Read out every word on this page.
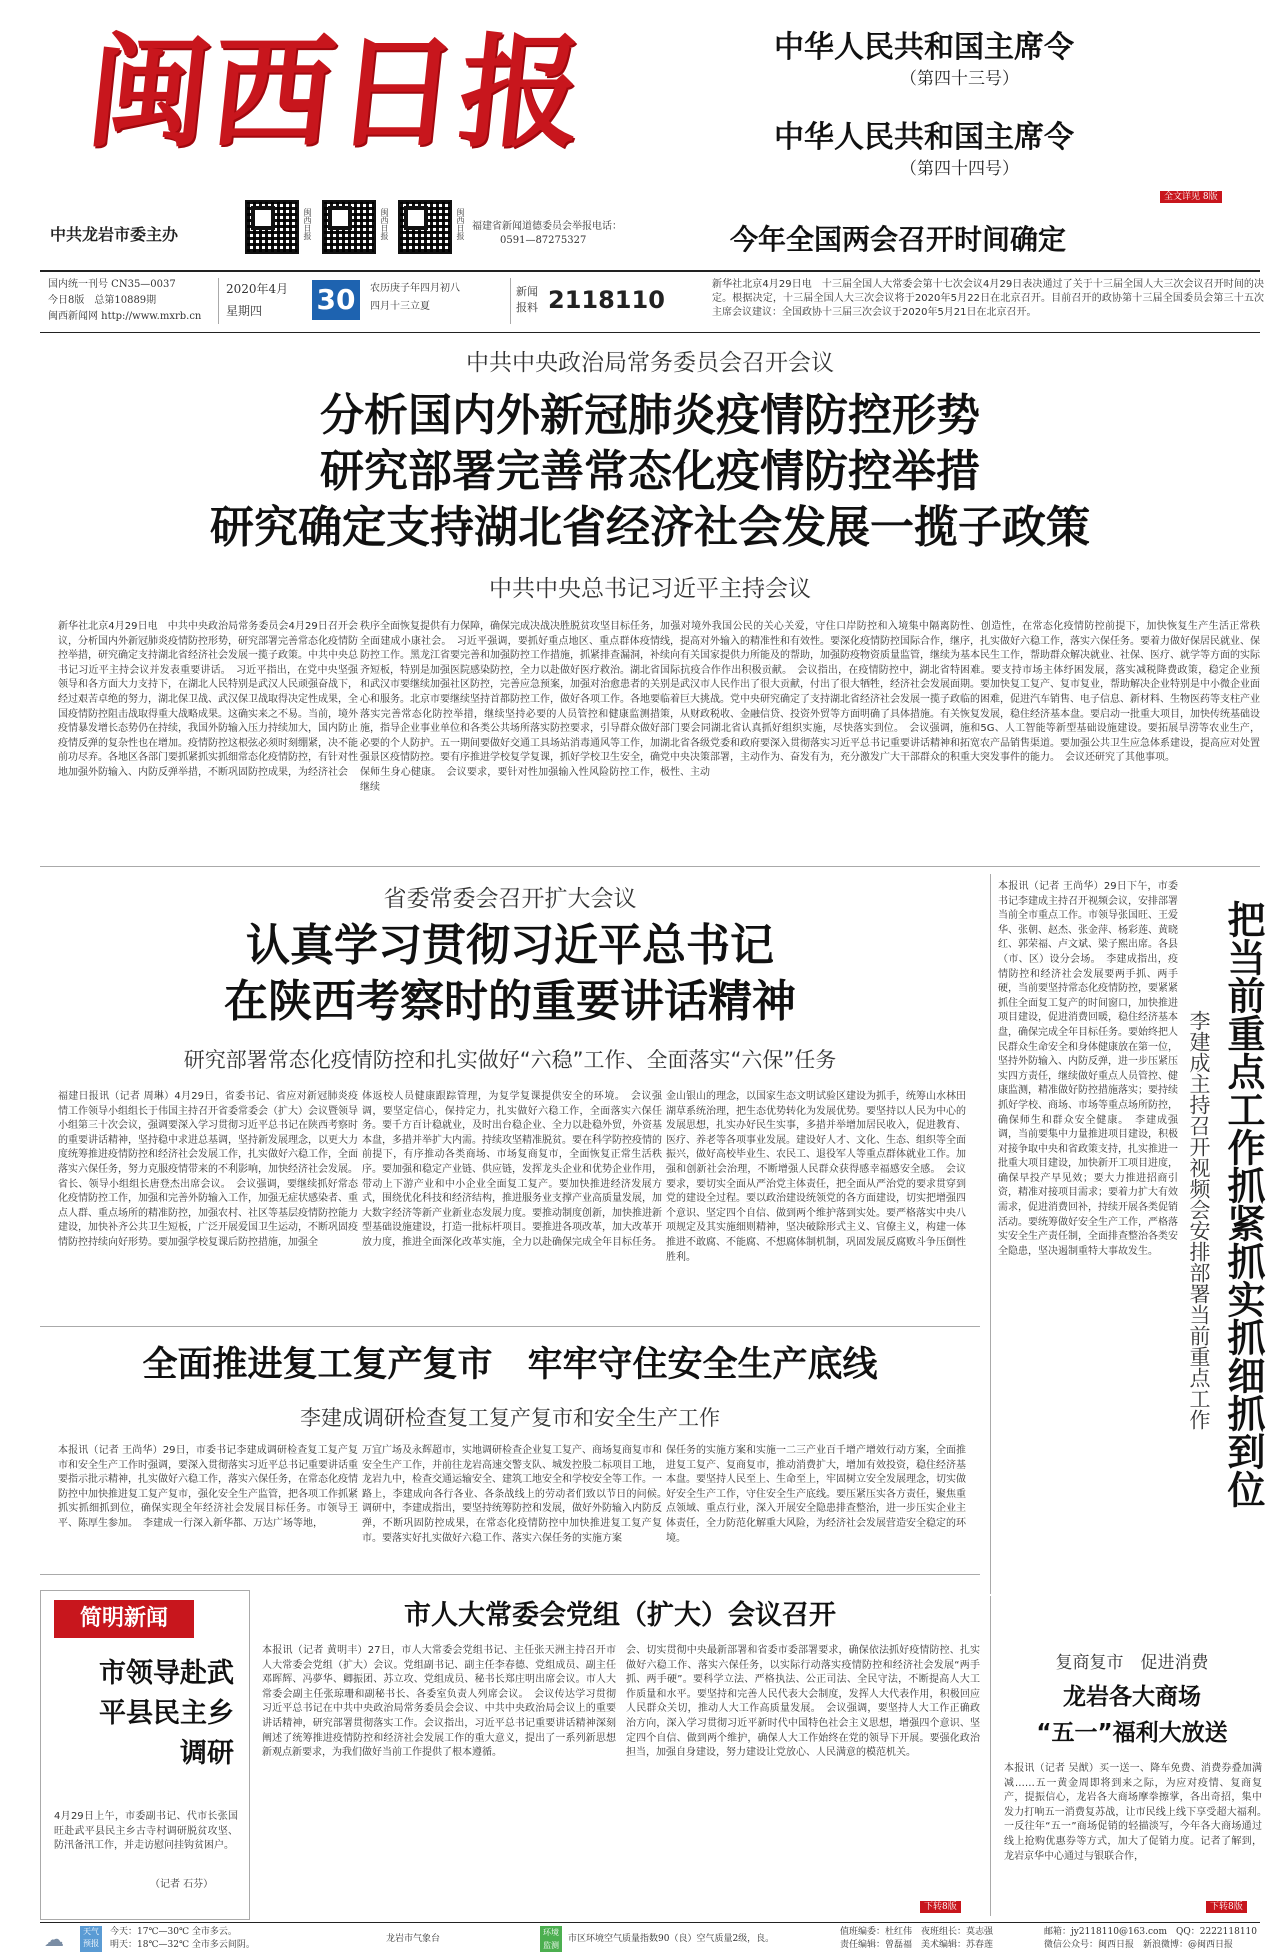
闽西日报
中共龙岩市委主办	闽西日报	闽西日报	闽西日报 福建省新闻道德委员会举报电话：
0591—87275327
中华人民共和国主席令
（第四十三号）
中华人民共和国主席令
（第四十四号）
全文详见 8版
今年全国两会召开时间确定
国内统一刊号 CN35—0037
今日8版　总第10889期
闽西新闻网 http://www.mxrb.cn
2020年4月
星期四 30	农历庚子年四月初八
四月十三立夏
新闻报料 2118110
新华社北京4月29日电　十三届全国人大常委会第十七次会议4月29日表决通过了关于十三届全国人大三次会议召开时间的决定。根据决定，十三届全国人大三次会议将于2020年5月22日在北京召开。目前召开的政协第十三届全国委员会第三十五次主席会议建议：全国政协十三届三次会议于2020年5月21日在北京召开。
中共中央政治局常务委员会召开会议
分析国内外新冠肺炎疫情防控形势
研究部署完善常态化疫情防控举措
研究确定支持湖北省经济社会发展一揽子政策
中共中央总书记习近平主持会议
新华社北京4月29日电　中共中央政治局常务委员会4月29日召开会议，分析国内外新冠肺炎疫情防控形势，研究部署完善常态化疫情防控举措，研究确定支持湖北省经济社会发展一揽子政策。中共中央总书记习近平主持会议并发表重要讲话。　习近平指出，在党中央坚强领导和各方面大力支持下，在湖北人民特别是武汉人民顽强奋战下，经过艰苦卓绝的努力，湖北保卫战、武汉保卫战取得决定性成果，全国疫情防控阻击战取得重大战略成果。这确实来之不易。当前，境外疫情暴发增长态势仍在持续，我国外防输入压力持续加大，国内防止疫情反弹的复杂性也在增加。疫情防控这根弦必须时刻绷紧，决不能前功尽弃。各地区各部门要抓紧抓实抓细常态化疫情防控，有针对性地加强外防输入、内防反弹举措，不断巩固防控成果，为经济社会
秩序全面恢复提供有力保障，确保完成决战决胜脱贫攻坚目标任务，全面建成小康社会。　习近平强调，要抓好重点地区、重点群体疫情防控工作。黑龙江省要完善和加强防控工作措施，抓紧排查漏洞，补齐短板，特别是加强医院感染防控，全力以赴做好医疗救治。湖北省和武汉市要继续加强社区防控，完善应急预案，加强对治愈患者的关心和服务。北京市要继续坚持首都防控工作，做好各项工作。各地要落实完善常态化防控举措，继续坚持必要的人员管控和健康监测措施，指导企业事业单位和各类公共场所落实防控要求，引导群众做好必要的个人防护。五一期间要做好交通工具场站消毒通风等工作，加强景区疫情防控。要有序推进学校复学复课，抓好学校卫生安全，确保师生身心健康。　会议要求，要针对性加强输入性风险防控工作，继续
加强对境外我国公民的关心关爱，守住口岸防控和入境集中隔离防线，提高对外输入的精准性和有效性。要深化疫情防控国际合作，继续向有关国家提供力所能及的帮助，加强防疫物资质量监管，继续为国际抗疫合作作出积极贡献。　会议指出，在疫情防控中，湖北省特别是武汉市人民作出了很大贡献，付出了很大牺牲，经济社会发展面临着巨大挑战。党中央研究确定了支持湖北省经济社会发展一揽子政策，从财政税收、金融信贷、投资外贸等方面明确了具体措施。有关部门要会同湖北省认真抓好组织实施，尽快落实到位。　会议强调，湖北省各级党委和政府要深入贯彻落实习近平总书记重要讲话精神和党中央决策部署，主动作为、奋发有为，充分激发广大干部群众的积极性、主动
性、创造性，在常态化疫情防控前提下，加快恢复生产生活正常秩序，扎实做好六稳工作，落实六保任务。要着力做好保居民就业、保基本民生工作，帮助群众解决就业、社保、医疗、就学等方面的实际困难。要支持市场主体纾困发展，落实减税降费政策，稳定企业预期。要加快复工复产、复市复业，帮助解决企业特别是中小微企业面临的困难，促进汽车销售、电子信息、新材料、生物医药等支柱产业恢复发展，稳住经济基本盘。要启动一批重大项目，加快传统基础设施和5G、人工智能等新型基础设施建设。要拓展旱涝等农业生产，拓宽农产品销售渠道。要加强公共卫生应急体系建设，提高应对处置重大突发事件的能力。　会议还研究了其他事项。
省委常委会召开扩大会议
认真学习贯彻习近平总书记
在陕西考察时的重要讲话精神
研究部署常态化疫情防控和扎实做好“六稳”工作、全面落实“六保”任务
福建日报讯（记者 周琳）4月29日，省委书记、省应对新冠肺炎疫情工作领导小组组长于伟国主持召开省委常委会（扩大）会议暨领导小组第三十次会议，强调要深入学习贯彻习近平总书记在陕西考察时的重要讲话精神，坚持稳中求进总基调，坚持新发展理念，以更大力度统筹推进疫情防控和经济社会发展工作，扎实做好六稳工作，全面落实六保任务，努力克服疫情带来的不利影响，加快经济社会发展。省长、领导小组组长唐登杰出席会议。　会议强调，要继续抓好常态化疫情防控工作，加强和完善外防输入工作，加强无症状感染者、重点人群、重点场所的精准防控，加强农村、社区等基层疫情防控能力建设，加快补齐公共卫生短板，广泛开展爱国卫生运动，不断巩固疫情防控持续向好形势。要加强学校复课后防控措施，加强全
体返校人员健康跟踪管理，为复学复课提供安全的环境。　会议强调，要坚定信心，保持定力，扎实做好六稳工作，全面落实六保任务。要千方百计稳就业，及时出台稳企业、全力以赴稳外贸，外资基本盘，多措并举扩大内需。持续攻坚精准脱贫。要在科学防控疫情的前提下，有序推动各类商场、市场复商复市，全面恢复正常生活秩序。要加强和稳定产业链、供应链，发挥龙头企业和优势企业作用，带动上下游产业和中小企业全面复工复产。要加快推进经济发展方式，围绕优化科技和经济结构，推进服务业支撑产业高质量发展，加大数字经济等新产业新业态发展力度。要推动制度创新，加快推进新型基础设施建设，打造一批标杆项目。要推进各项改革，加大改革开放力度，推进全面深化改革实施，全力以赴确保完成全年目标任务。
金山银山的理念，以国家生态文明试验区建设为抓手，统筹山水林田湖草系统治理，把生态优势转化为发展优势。要坚持以人民为中心的发展思想，扎实办好民生实事，多措并举增加居民收入，促进教育、医疗、养老等各项事业发展。建设好人才、文化、生态、组织等全面振兴，做好高校毕业生、农民工、退役军人等重点群体就业工作。加强和创新社会治理，不断增强人民群众获得感幸福感安全感。　会议要求，要切实全面从严治党主体责任，把全面从严治党的要求贯穿到党的建设全过程。要以政治建设统领党的各方面建设，切实把增强四个意识、坚定四个自信、做到两个维护落到实处。要严格落实中央八项规定及其实施细则精神，坚决破除形式主义、官僚主义，构建一体推进不敢腐、不能腐、不想腐体制机制，巩固发展反腐败斗争压倒性胜利。
全面推进复工复产复市　牢牢守住安全生产底线
李建成调研检查复工复产复市和安全生产工作
本报讯（记者 王尚华）29日，市委书记李建成调研检查复工复产复市和安全生产工作时强调，要深入贯彻落实习近平总书记重要讲话重要指示批示精神，扎实做好六稳工作，落实六保任务，在常态化疫情防控中加快推进复工复产复市，强化安全生产监管，把各项工作抓紧抓实抓细抓到位，确保实现全年经济社会发展目标任务。市领导王平、陈厚生参加。　李建成一行深入新华都、万达广场等地，
万宜广场及永辉超市，实地调研检查企业复工复产、商场复商复市和安全生产工作，并前往龙岩高速交警支队、城发控股二标项目工地，龙岩九中，检查交通运输安全、建筑工地安全和学校安全等工作。一路上，李建成向各行各业、各条战线上的劳动者们致以节日的问候。　调研中，李建成指出，要坚持统筹防控和发展，做好外防输入内防反弹，不断巩固防控成果，在常态化疫情防控中加快推进复工复产复市。要落实好扎实做好六稳工作、落实六保任务的实施方案
保任务的实施方案和实施一二三产业百千增产增效行动方案，全面推进复工复产、复商复市，推动消费扩大，增加有效投资，稳住经济基本盘。要坚持人民至上、生命至上，牢固树立安全发展理念，切实做好安全生产工作，守住安全生产底线。要压紧压实各方责任，聚焦重点领域、重点行业，深入开展安全隐患排查整治，进一步压实企业主体责任，全力防范化解重大风险，为经济社会发展营造安全稳定的环境。
本报讯（记者 王尚华）29日下午，市委书记李建成主持召开视频会议，安排部署当前全市重点工作。市领导张国旺、王爱华、张朝、赵杰、张金萍、杨彩莲、黄晓红、郭荣福、卢文斌、梁子熙出席。各县（市、区）设分会场。　李建成指出，疫情防控和经济社会发展要两手抓、两手硬，当前要坚持常态化疫情防控，要紧紧抓住全面复工复产的时间窗口，加快推进项目建设，促进消费回暖，稳住经济基本盘，确保完成全年目标任务。要始终把人民群众生命安全和身体健康放在第一位，坚持外防输入、内防反弹，进一步压紧压实四方责任，继续做好重点人员管控、健康监测，精准做好防控措施落实；要持续抓好学校、商场、市场等重点场所防控，确保师生和群众安全健康。　李建成强调，当前要集中力量推进项目建设，积极对接争取中央和省政策支持，扎实推进一批重大项目建设，加快新开工项目进度，确保早投产早见效；要大力推进招商引资，精准对接项目需求；要着力扩大有效需求，促进消费回补，持续开展各类促销活动。要统筹做好安全生产工作，严格落实安全生产责任制，全面排查整治各类安全隐患，坚决遏制重特大事故发生。	把当前重点工作抓紧抓实抓细抓到位
李建成主持召开视频会安排部署当前重点工作
简明新闻
市领导赴武平县民主乡调研
4月29日上午，市委副书记、代市长张国旺赴武平县民主乡古寺村调研脱贫攻坚、防汛备汛工作，并走访慰问挂钩贫困户。
（记者 石芬）
市人大常委会党组（扩大）会议召开
本报讯（记者 黄明丰）27日，市人大常委会党组书记、主任张天洲主持召开市人大常委会党组（扩大）会议。党组副书记、副主任李春德、党组成员、副主任邓晖辉、冯夢华、卿振团、苏立攻、党组成员、秘书长郑庄明出席会议。市人大常委会副主任张琼珊和副秘书长、各委室负责人列席会议。　会议传达学习贯彻习近平总书记在中共中央政治局常务委员会会议、中共中央政治局会议上的重要讲话精神，研究部署贯彻落实工作。会议指出，习近平总书记重要讲话精神深刻阐述了统筹推进疫情防控和经济社会发展工作的重大意义，提出了一系列新思想新观点新要求，为我们做好当前工作提供了根本遵循。
会、切实贯彻中央最新部署和省委市委部署要求，确保依法抓好疫情防控、扎实做好六稳工作、落实六保任务，以实际行动落实疫情防控和经济社会发展“两手抓、两手硬”。要科学立法、严格执法、公正司法、全民守法，不断提高人大工作质量和水平。要坚持和完善人民代表大会制度，发挥人大代表作用，积极回应人民群众关切，推动人大工作高质量发展。　会议强调，要坚持人大工作正确政治方向，深入学习贯彻习近平新时代中国特色社会主义思想，增强四个意识、坚定四个自信、做到两个维护，确保人大工作始终在党的领导下开展。要强化政治担当，加强自身建设，努力建设让党放心、人民满意的模范机关。
下转8版
复商复市　促进消费
龙岩各大商场
“五一”福利大放送
本报讯（记者 吴猷）买一送一、降车免费、消费券叠加满减……五一黄金周即将到来之际，为应对疫情、复商复产，提振信心，龙岩各大商场摩拳擦掌，各出奇招，集中发力打响五一消费复苏战，让市民线上线下享受超大福利。　一反往年“五一”商场促销的轻描淡写，今年各大商场通过线上抢购优惠券等方式，加大了促销力度。记者了解到，龙岩京华中心通过与银联合作，
下转8版
☁	天气
预报
今天：17℃—30℃ 全市多云。
明天：18℃—32℃ 全市多云间阴。
龙岩市气象台
环境监测
市区环境空气质量指数90（良）空气质量2级，良。
值班编委：杜红伟　夜班组长：莫志强
责任编辑：曾磊福　美术编辑：苏春莲
邮箱：jy2118110@163.com　QQ：2222118110
微信公众号：闽西日报　新浪微博：@闽西日报
